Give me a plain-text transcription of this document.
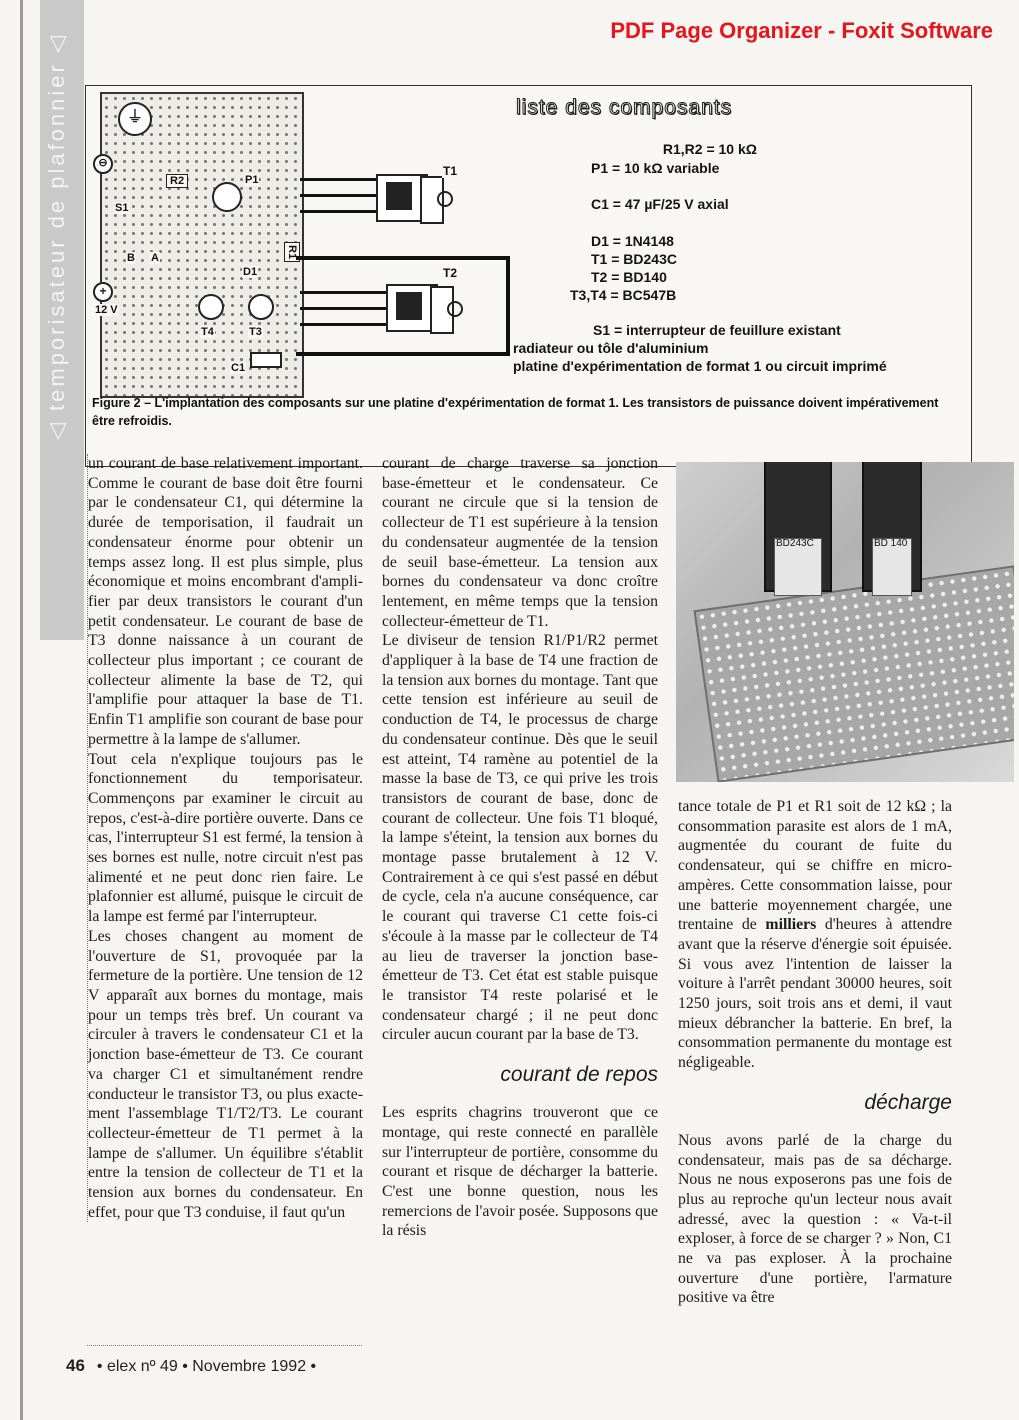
PDF Page Organizer - Foxit Software
◁ temporisateur de plafonnier ◁	⏚
⊖
+
12 V
R2	P1
S1
B A
D1
R1
T4	T3
C1
T1
T2
liste des composants
R1,R2 = 10 kΩ
P1 = 10 kΩ variable
C1 = 47 µF/25 V axial
D1 = 1N4148
T1 = BD243C
T2 = BD140
T3,T4 = BC547B
S1 = interrupteur de feuillure existant
radiateur ou tôle d'aluminium
platine d'expérimentation de format 1 ou circuit imprimé
Figure 2 – L'implantation des composants sur une platine d'expérimentation de format 1. Les transistors de puissance doivent impérativement être refroidis.
BD243C	BD 140

un courant de base relativement important. Comme le courant de base doit être fourni par le condensateur C1, qui détermine la durée de temporisation, il faudrait un condensateur énorme pour obtenir un temps assez long. Il est plus simple, plus économique et moins encombrant d'amplifier par deux transistors le courant d'un petit condensateur. Le courant de base de T3 donne naissance à un courant de collecteur plus important ; ce courant de collecteur alimente la base de T2, qui l'amplifie pour attaquer la base de T1. Enfin T1 amplifie son courant de base pour permettre à la lampe de s'allumer.

Tout cela n'explique toujours pas le fonctionnement du temporisateur. Commençons par examiner le circuit au repos, c'est-à-dire portière ouverte. Dans ce cas, l'interrupteur S1 est fermé, la tension à ses bornes est nulle, notre circuit n'est pas alimenté et ne peut donc rien faire. Le plafonnier est allumé, puisque le circuit de la lampe est fermé par l'interrupteur.

Les choses changent au moment de l'ouverture de S1, provoquée par la fermeture de la portière. Une tension de 12 V apparaît aux bornes du montage, mais pour un temps très bref. Un courant va circuler à travers le condensateur C1 et la jonction base-émetteur de T3. Ce courant va charger C1 et simultanément rendre conducteur le transistor T3, ou plus exactement l'assemblage T1/T2/T3. Le courant collecteur-émetteur de T1 permet à la lampe de s'allumer. Un équilibre s'établit entre la tension de collecteur de T1 et la tension aux bornes du condensateur. En effet, pour que T3 conduise, il faut qu'un

courant de charge traverse sa jonction base-émetteur et le condensateur. Ce courant ne circule que si la tension de collecteur de T1 est supérieure à la tension du condensateur augmentée de la tension de seuil base-émetteur. La tension aux bornes du condensateur va donc croître lentement, en même temps que la tension collecteur-émetteur de T1.

Le diviseur de tension R1/P1/R2 permet d'appliquer à la base de T4 une fraction de la tension aux bornes du montage. Tant que cette tension est inférieure au seuil de conduction de T4, le processus de charge du condensateur continue. Dès que le seuil est atteint, T4 ramène au potentiel de la masse la base de T3, ce qui prive les trois transistors de courant de base, donc de courant de collecteur. Une fois T1 bloqué, la lampe s'éteint, la tension aux bornes du montage passe brutalement à 12 V. Contrairement à ce qui s'est passé en début de cycle, cela n'a aucune conséquence, car le courant qui traverse C1 cette fois-ci s'écoule à la masse par le collecteur de T4 au lieu de traverser la jonction base-émetteur de T3. Cet état est stable puisque le transistor T4 reste polarisé et le condensateur chargé ; il ne peut donc circuler aucun courant par la base de T3.

courant de repos

Les esprits chagrins trouveront que ce montage, qui reste connecté en parallèle sur l'interrupteur de portière, consomme du courant et risque de décharger la batterie. C'est une bonne question, nous les remercions de l'avoir posée. Supposons que la résis

tance totale de P1 et R1 soit de 12 kΩ ; la consommation parasite est alors de 1 mA, augmentée du courant de fuite du condensateur, qui se chiffre en micro-ampères. Cette consommation laisse, pour une batterie moyennement chargée, une trentaine de milliers d'heures à attendre avant que la réserve d'énergie soit épuisée. Si vous avez l'intention de laisser la voiture à l'arrêt pendant 30000 heures, soit 1250 jours, soit trois ans et demi, il vaut mieux débrancher la batterie. En bref, la consommation permanente du montage est négligeable.

décharge

Nous avons parlé de la charge du condensateur, mais pas de sa décharge. Nous ne nous exposerons pas une fois de plus au reproche qu'un lecteur nous avait adressé, avec la question : « Va-t-il exploser, à force de se charger ? » Non, C1 ne va pas exploser. À la prochaine ouverture d'une portière, l'armature positive va être

46 • elex nº 49 • Novembre 1992 •
